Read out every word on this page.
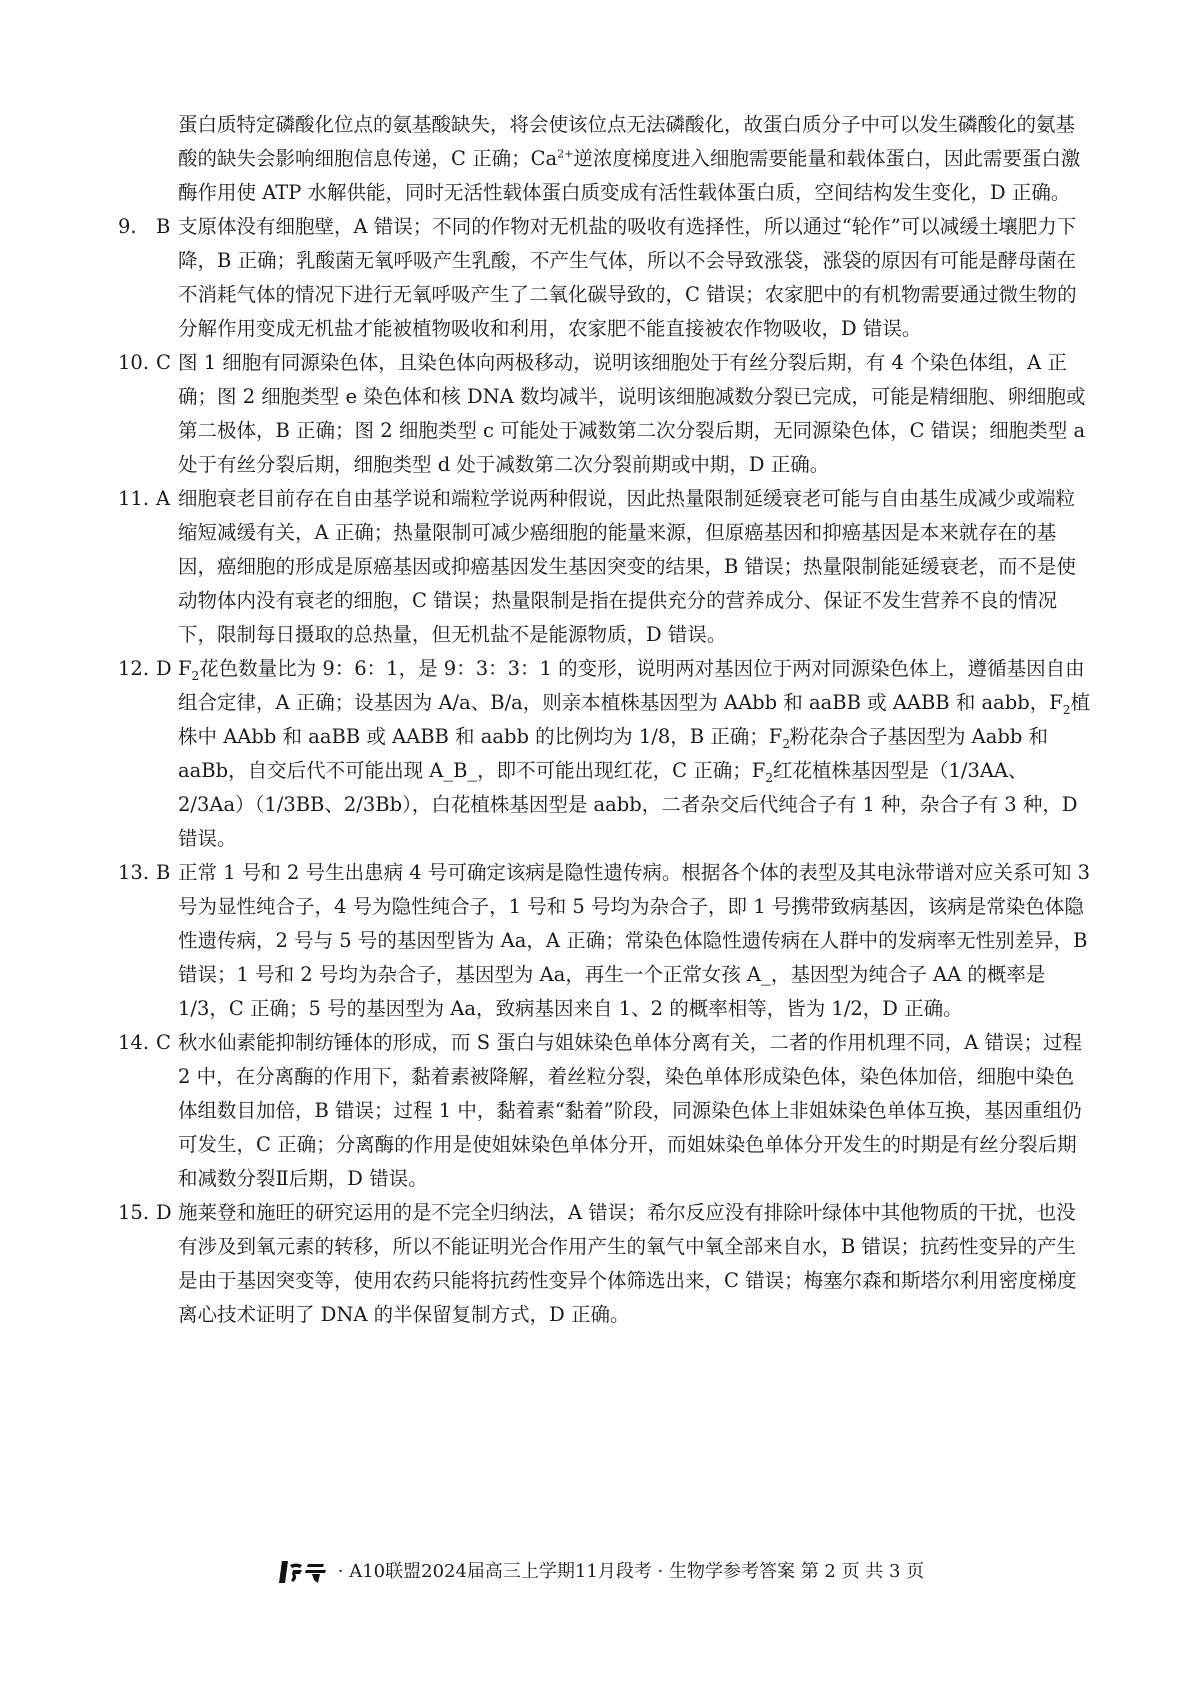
蛋白质特定磷酸化位点的氨基酸缺失，将会使该位点无法磷酸化，故蛋白质分子中可以发生磷酸化的氨基酸的缺失会影响细胞信息传递，C 正确；$Ca^{2+}$逆浓度梯度进入细胞需要能量和载体蛋白，因此需要蛋白激酶作用使 ATP 水解供能，同时无活性载体蛋白质变成有活性载体蛋白质，空间结构发生变化，D 正确。
9. B 支原体没有细胞壁，A 错误；不同的作物对无机盐的吸收有选择性，所以通过“轮作”可以减缓土壤肥力下降，B 正确；乳酸菌无氧呼吸产生乳酸，不产生气体，所以不会导致涨袋，涨袋的原因有可能是酵母菌在不消耗气体的情况下进行无氧呼吸产生了二氧化碳导致的，C 错误；农家肥中的有机物需要通过微生物的分解作用变成无机盐才能被植物吸收和利用，农家肥不能直接被农作物吸收，D 错误。
10. C 图 1 细胞有同源染色体，且染色体向两极移动，说明该细胞处于有丝分裂后期，有 4 个染色体组，A 正确；图 2 细胞类型 e 染色体和核 DNA 数均减半，说明该细胞减数分裂已完成，可能是精细胞、卵细胞或第二极体，B 正确；图 2 细胞类型 c 可能处于减数第二次分裂后期，无同源染色体，C 错误；细胞类型 a 处于有丝分裂后期，细胞类型 d 处于减数第二次分裂前期或中期，D 正确。
11. A 细胞衰老目前存在自由基学说和端粒学说两种假说，因此热量限制延缓衰老可能与自由基生成减少或端粒缩短减缓有关，A 正确；热量限制可减少癌细胞的能量来源，但原癌基因和抑癌基因是本来就存在的基因，癌细胞的形成是原癌基因或抑癌基因发生基因突变的结果，B 错误；热量限制能延缓衰老，而不是使动物体内没有衰老的细胞，C 错误；热量限制是指在提供充分的营养成分、保证不发生营养不良的情况下，限制每日摄取的总热量，但无机盐不是能源物质，D 错误。
12. D $F_2$花色数量比为 9：6：1，是 9：3：3：1 的变形，说明两对基因位于两对同源染色体上，遵循基因自由组合定律，A 正确；设基因为 A/a、B/a，则亲本植株基因型为 AAbb 和 aaBB 或 AABB 和 aabb，$F_2$植株中 AAbb 和 aaBB 或 AABB 和 aabb 的比例均为 1/8，B 正确；$F_2$粉花杂合子基因型为 Aabb 和 aaBb，自交后代不可能出现 A_B_，即不可能出现红花，C 正确；$F_2$红花植株基因型是（1/3AA、2/3Aa）（1/3BB、2/3Bb），白花植株基因型是 aabb，二者杂交后代纯合子有 1 种，杂合子有 3 种，D 错误。
13. B 正常 1 号和 2 号生出患病 4 号可确定该病是隐性遗传病。根据各个体的表型及其电泳带谱对应关系可知 3 号为显性纯合子，4 号为隐性纯合子，1 号和 5 号均为杂合子，即 1 号携带致病基因，该病是常染色体隐性遗传病，2 号与 5 号的基因型皆为 Aa，A 正确；常染色体隐性遗传病在人群中的发病率无性别差异，B 错误；1 号和 2 号均为杂合子，基因型为 Aa，再生一个正常女孩 A_，基因型为纯合子 AA 的概率是 1/3，C 正确；5 号的基因型为 Aa，致病基因来自 1、2 的概率相等，皆为 1/2，D 正确。
14. C 秋水仙素能抑制纺锤体的形成，而 S 蛋白与姐妹染色单体分离有关，二者的作用机理不同，A 错误；过程 2 中，在分离酶的作用下，黏着素被降解，着丝粒分裂，染色单体形成染色体，染色体加倍，细胞中染色体组数目加倍，B 错误；过程 1 中，黏着素“黏着”阶段，同源染色体上非姐妹染色单体互换，基因重组仍可发生，C 正确；分离酶的作用是使姐妹染色单体分开，而姐妹染色单体分开发生的时期是有丝分裂后期和减数分裂Ⅱ后期，D 错误。
15. D 施莱登和施旺的研究运用的是不完全归纳法，A 错误；希尔反应没有排除叶绿体中其他物质的干扰，也没有涉及到氧元素的转移，所以不能证明光合作用产生的氧气中氧全部来自水，B 错误；抗药性变异的产生是由于基因突变等，使用农药只能将抗药性变异个体筛选出来，C 错误；梅塞尔森和斯塔尔利用密度梯度离心技术证明了 DNA 的半保留复制方式，D 正确。
· A10联盟2024届高三上学期11月段考 · 生物学参考答案 第 2 页 共 3 页
